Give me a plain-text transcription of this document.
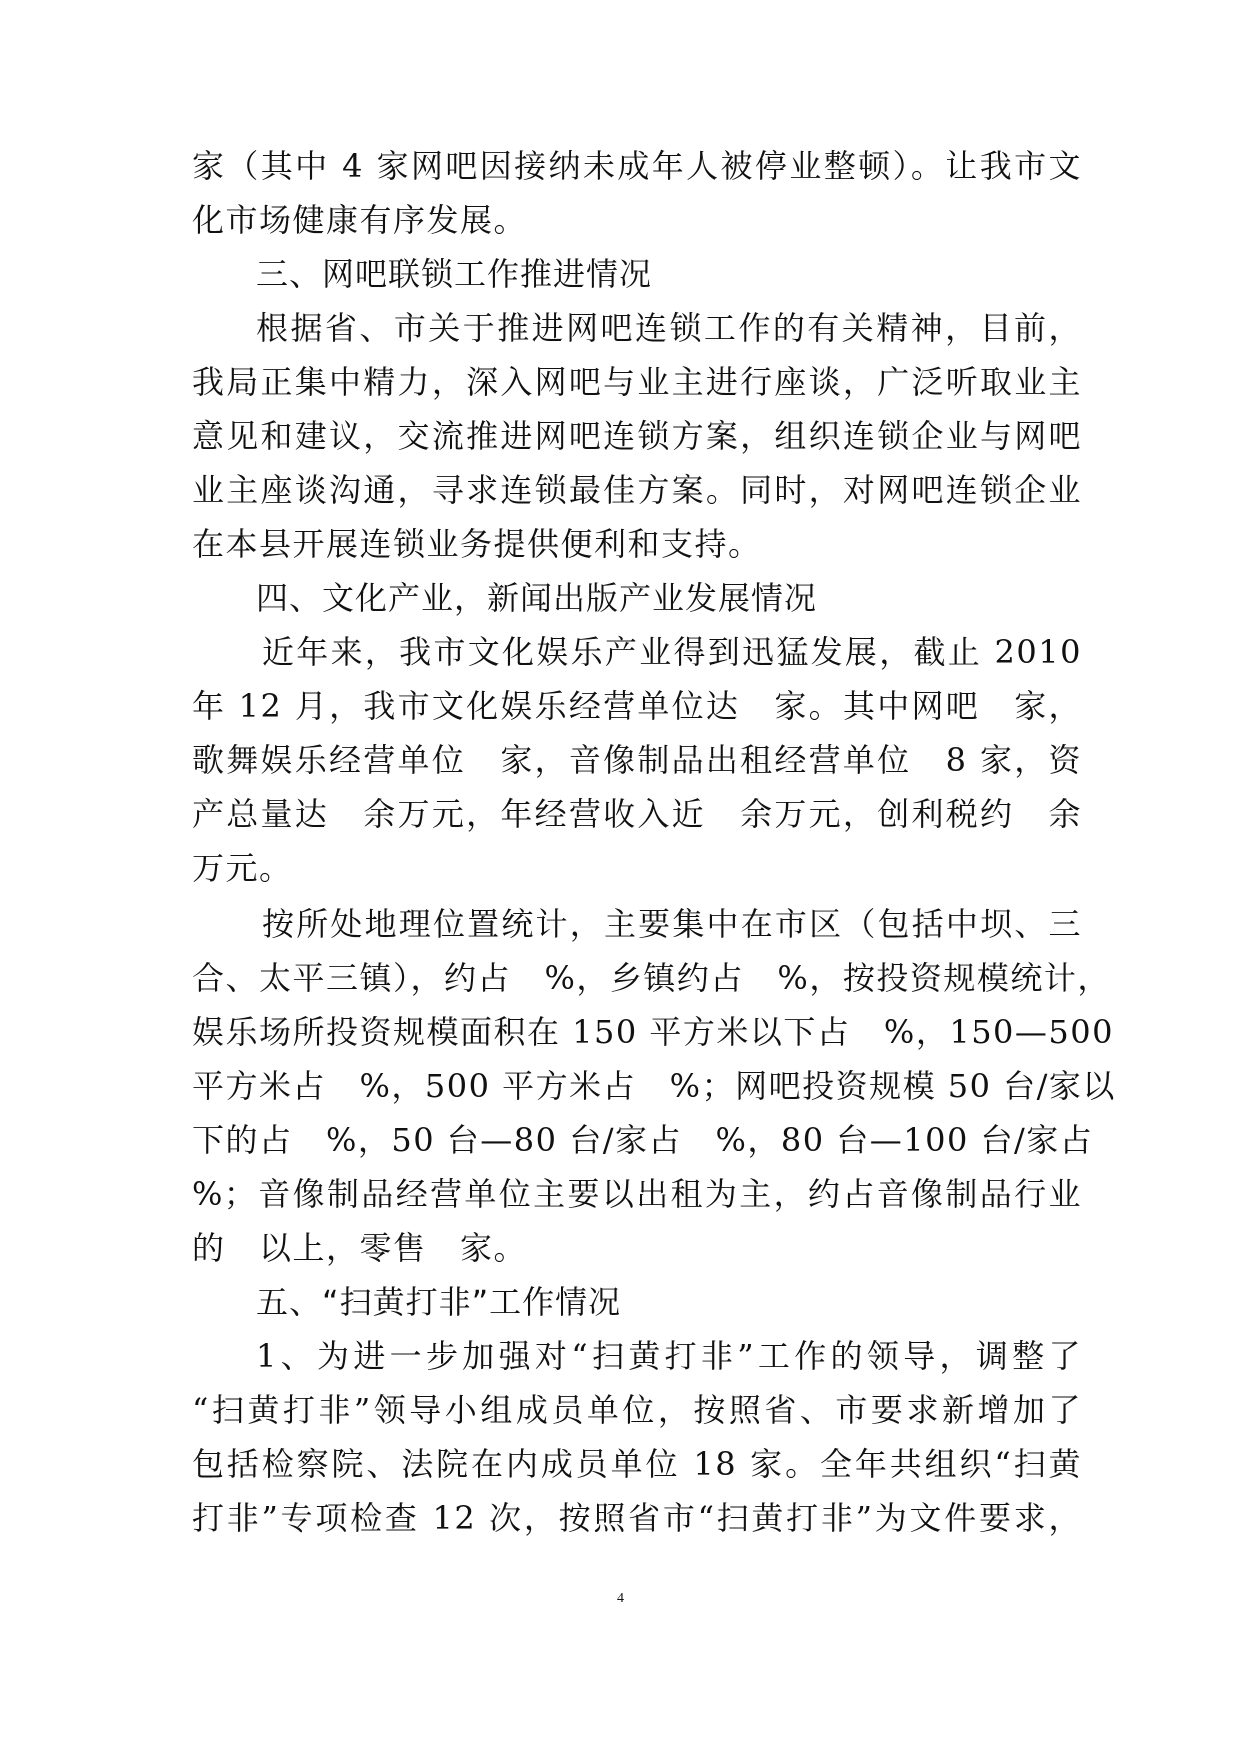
家（其中 4 家网吧因接纳未成年人被停业整顿）。让我市文
化市场健康有序发展。
三、网吧联锁工作推进情况
根据省、市关于推进网吧连锁工作的有关精神，目前，
我局正集中精力，深入网吧与业主进行座谈，广泛听取业主
意见和建议，交流推进网吧连锁方案，组织连锁企业与网吧
业主座谈沟通，寻求连锁最佳方案。同时，对网吧连锁企业
在本县开展连锁业务提供便利和支持。
四、文化产业，新闻出版产业发展情况
近年来，我市文化娱乐产业得到迅猛发展，截止 2010
年 12 月，我市文化娱乐经营单位达　家。其中网吧　家，
歌舞娱乐经营单位　家，音像制品出租经营单位　8 家，资
产总量达　余万元，年经营收入近　余万元，创利税约　余
万元。
按所处地理位置统计，主要集中在市区（包括中坝、三
合、太平三镇），约占　%，乡镇约占　%，按投资规模统计，
娱乐场所投资规模面积在 150 平方米以下占　%，150—500
平方米占　%，500 平方米占　%；网吧投资规模 50 台/家以
下的占　%，50 台—80 台/家占　%，80 台—100 台/家占
%；音像制品经营单位主要以出租为主，约占音像制品行业
的　以上，零售　家。
五、“扫黄打非”工作情况
1、为进一步加强对“扫黄打非”工作的领导，调整了
“扫黄打非”领导小组成员单位，按照省、市要求新增加了
包括检察院、法院在内成员单位 18 家。全年共组织“扫黄
打非”专项检查 12 次，按照省市“扫黄打非”为文件要求，
4
